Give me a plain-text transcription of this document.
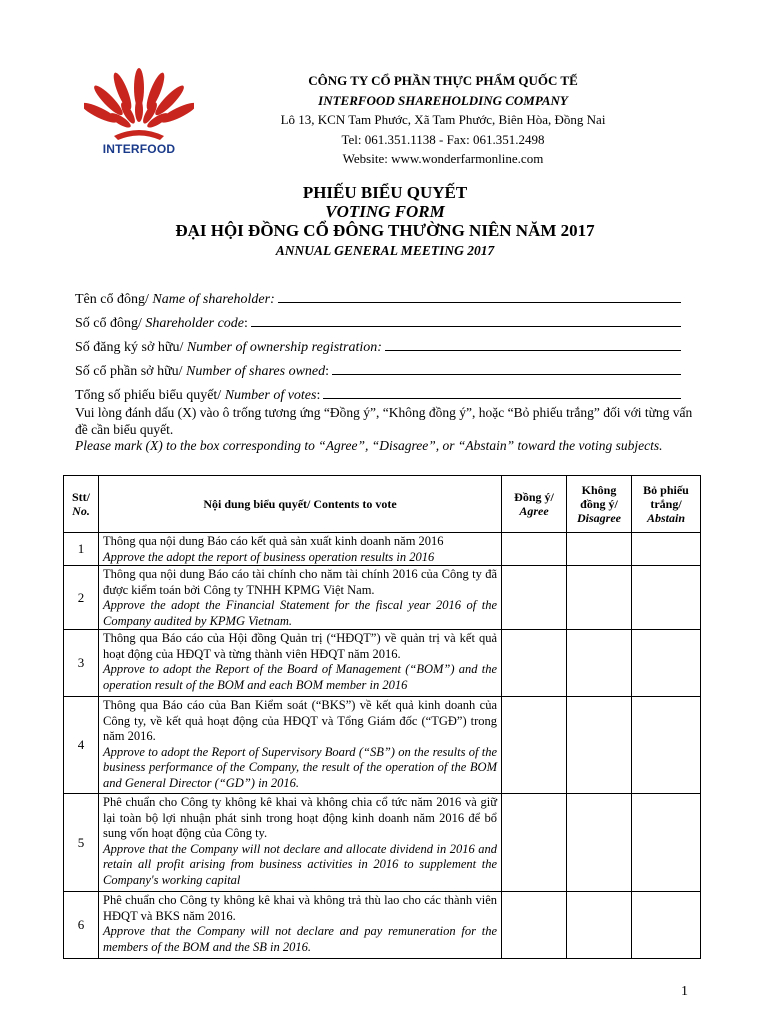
INTERFOOD
CÔNG TY CỔ PHẦN THỰC PHẨM QUỐC TẾ
INTERFOOD SHAREHOLDING COMPANY
Lô 13, KCN Tam Phước, Xã Tam Phước, Biên Hòa, Đồng Nai
Tel: 061.351.1138 - Fax: 061.351.2498
Website: www.wonderfarmonline.com
PHIẾU BIỂU QUYẾT
VOTING FORM
ĐẠI HỘI ĐỒNG CỔ ĐÔNG THƯỜNG NIÊN NĂM 2017
ANNUAL GENERAL MEETING 2017
Tên cổ đông/ Name of shareholder:
Số cổ đông/ Shareholder code:
Số đăng ký sở hữu/ Number of ownership registration:
Số cổ phần sở hữu/ Number of shares owned:
Tổng số phiếu biểu quyết/ Number of votes:

Vui lòng đánh dấu (X) vào ô trống tương ứng “Đồng ý”, “Không đồng ý”, hoặc “Bỏ phiếu trắng” đối với từng vấn đề cần biểu quyết.

Please mark (X) to the box corresponding to “Agree”, “Disagree”, or “Abstain” toward the voting subjects.

Stt/
No.	Nội dung biểu quyết/ Contents to vote	Đồng ý/
Agree	Không
đồng ý/
Disagree	Bỏ phiếu
trắng/
Abstain
1	Thông qua nội dung Báo cáo kết quả sản xuất kinh doanh năm 2016
Approve the adopt the report of business operation results in 2016			

2	Thông qua nội dung Báo cáo tài chính cho năm tài chính 2016 của Công ty đã được kiểm toán bởi Công ty TNHH KPMG Việt Nam.
Approve the adopt the Financial Statement for the fiscal year 2016 of the Company audited by KPMG Vietnam.			

3	Thông qua Báo cáo của Hội đồng Quản trị (“HĐQT”) về quản trị và kết quả hoạt động của HĐQT và từng thành viên HĐQT năm 2016.
Approve to adopt the Report of the Board of Management (“BOM”) and the operation result of the BOM and each BOM member in 2016			

4	Thông qua Báo cáo của Ban Kiểm soát (“BKS”) về kết quả kinh doanh của Công ty, về kết quả hoạt động của HĐQT và Tổng Giám đốc (“TGĐ”) trong năm 2016.
Approve to adopt the Report of Supervisory Board (“SB”) on the results of the business performance of the Company, the result of the operation of the BOM and General Director (“GD”) in 2016.			

5	Phê chuẩn cho Công ty không kê khai và không chia cổ tức năm 2016 và giữ lại toàn bộ lợi nhuận phát sinh trong hoạt động kinh doanh năm 2016 để bổ sung vốn hoạt động của Công ty.
Approve that the Company will not declare and allocate dividend in 2016 and retain all profit arising from business activities in 2016 to supplement the Company's working capital			

6	Phê chuẩn cho Công ty không kê khai và không trả thù lao cho các thành viên HĐQT và BKS năm 2016.
Approve that the Company will not declare and pay remuneration for the members of the BOM and the SB in 2016.			

1
